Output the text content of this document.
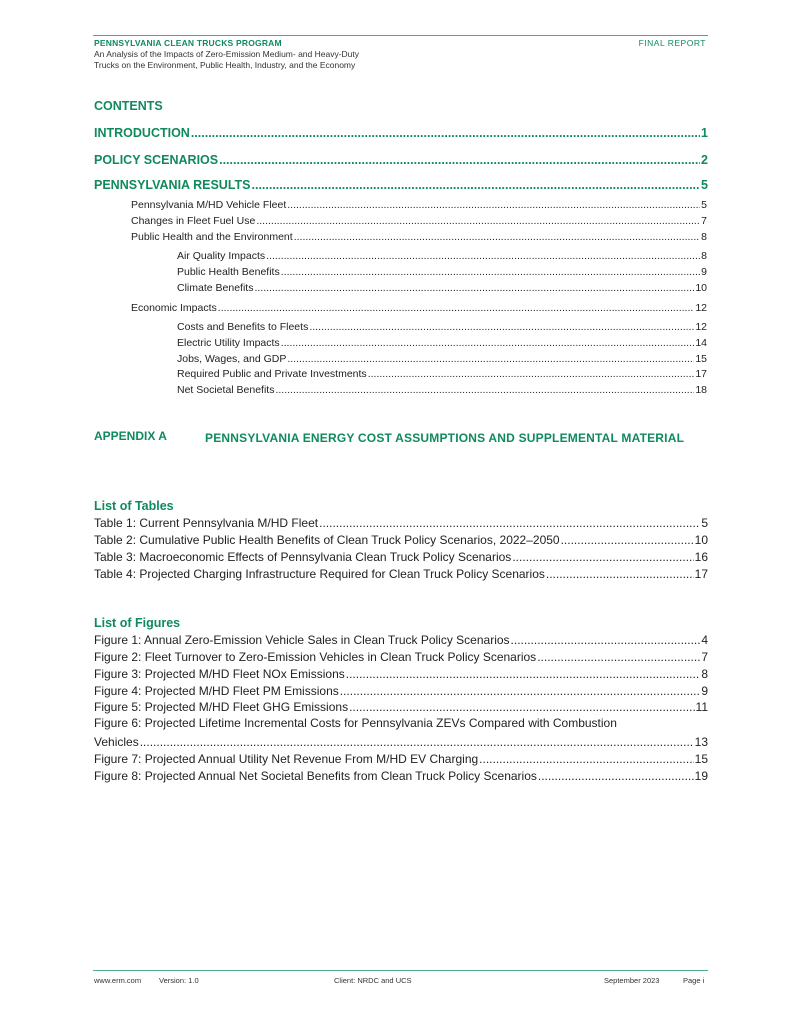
PENNSYLVANIA CLEAN TRUCKS PROGRAM	FINAL REPORT
An Analysis of the Impacts of Zero-Emission Medium- and Heavy-Duty
Trucks on the Environment, Public Health, Industry, and the Economy
CONTENTS
INTRODUCTION .....	1
POLICY SCENARIOS .....	2
PENNSYLVANIA RESULTS .....	5
Pennsylvania M/HD Vehicle Fleet .....	5
Changes in Fleet Fuel Use .....	7
Public Health and the Environment .....	8
Air Quality Impacts .....	8
Public Health Benefits .....	9
Climate Benefits .....	10
Economic Impacts .....	12
Costs and Benefits to Fleets .....	12
Electric Utility Impacts .....	14
Jobs, Wages, and GDP .....	15
Required Public and Private Investments .....	17
Net Societal Benefits .....	18
APPENDIX A	PENNSYLVANIA ENERGY COST ASSUMPTIONS AND SUPPLEMENTAL MATERIAL
List of Tables
Table 1: Current Pennsylvania M/HD Fleet .....	5
Table 2: Cumulative Public Health Benefits of Clean Truck Policy Scenarios, 2022–2050 .....	10
Table 3: Macroeconomic Effects of Pennsylvania Clean Truck Policy Scenarios .....	16
Table 4: Projected Charging Infrastructure Required for Clean Truck Policy Scenarios .....	17
List of Figures
Figure 1: Annual Zero-Emission Vehicle Sales in Clean Truck Policy Scenarios .....	4
Figure 2: Fleet Turnover to Zero-Emission Vehicles in Clean Truck Policy Scenarios .....	7
Figure 3: Projected M/HD Fleet NOx Emissions .....	8
Figure 4: Projected M/HD Fleet PM Emissions .....	9
Figure 5: Projected M/HD Fleet GHG Emissions .....	11
Figure 6: Projected Lifetime Incremental Costs for Pennsylvania ZEVs Compared with Combustion
Vehicles .....	13
Figure 7: Projected Annual Utility Net Revenue From M/HD EV Charging .....	15
Figure 8: Projected Annual Net Societal Benefits from Clean Truck Policy Scenarios .....	19
www.erm.com Version: 1.0	Client: NRDC and UCS	September 2023	Page i
